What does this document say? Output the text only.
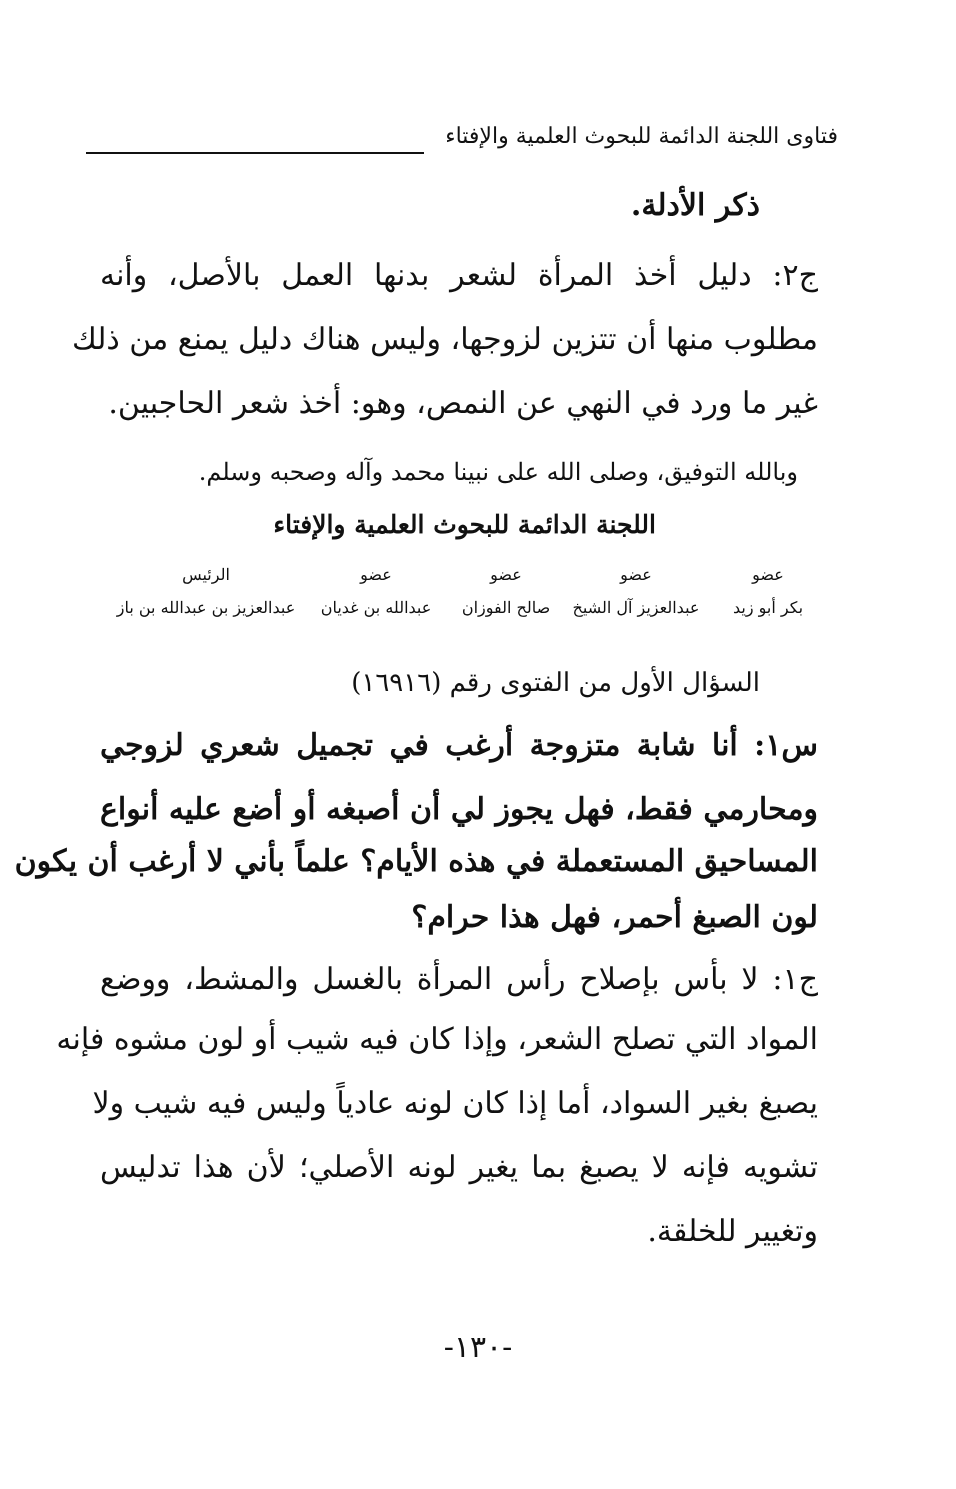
فتاوى اللجنة الدائمة للبحوث العلمية والإفتاء
ذكر الأدلة.
ج٢: دليل أخذ المرأة لشعر بدنها العمل بالأصل، وأنه
مطلوب منها أن تتزين لزوجها، وليس هناك دليل يمنع من ذلك
غير ما ورد في النهي عن النمص، وهو: أخذ شعر الحاجبين.
وبالله التوفيق، وصلى الله على نبينا محمد وآله وصحبه وسلم.
اللجنة الدائمة للبحوث العلمية والإفتاء
عضو
عضو
عضو
عضو
الرئيس
بكر أبو زيد
عبدالعزيز آل الشيخ
صالح الفوزان
عبدالله بن غديان
عبدالعزيز بن عبدالله بن باز
السؤال الأول من الفتوى رقم (١٦٩١٦)
س١: أنا شابة متزوجة أرغب في تجميل شعري لزوجي
ومحارمي فقط، فهل يجوز لي أن أصبغه أو أضع عليه أنواع
المساحيق المستعملة في هذه الأيام؟ علماً بأني لا أرغب أن يكون
لون الصبغ أحمر، فهل هذا حرام؟
ج١: لا بأس بإصلاح رأس المرأة بالغسل والمشط، ووضع
المواد التي تصلح الشعر، وإذا كان فيه شيب أو لون مشوه فإنه
يصبغ بغير السواد، أما إذا كان لونه عادياً وليس فيه شيب ولا
تشويه فإنه لا يصبغ بما يغير لونه الأصلي؛ لأن هذا تدليس
وتغيير للخلقة.
-١٣٠-
